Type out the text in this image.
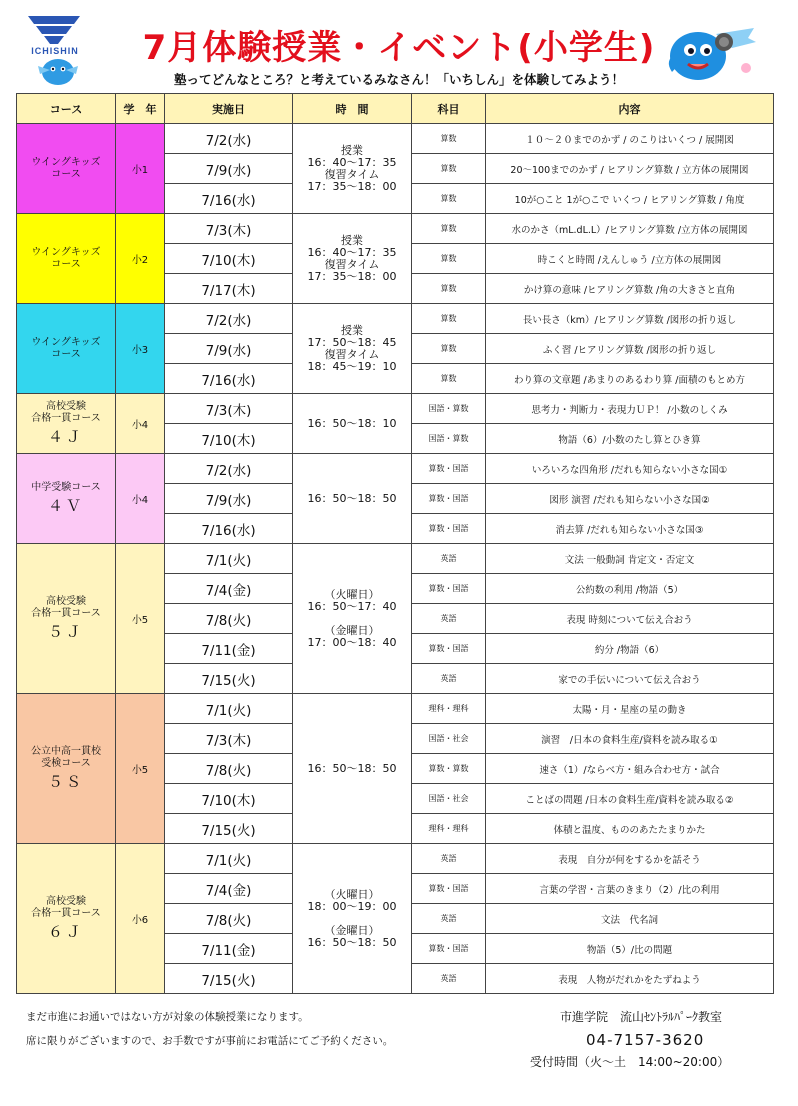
ICHISHIN	7月体験授業・イベント(小学生)
塾ってどんなところ？と考えているみなさん！「いちしん」を体験してみよう！
コース	学　年	実施日	時　間	科目	内容
ウイングキッズ
コース	小1	7/2(水)	授業
16：40～17：35
復習タイム
17：35～18：00	算数	１０～２０までのかず / のこりはいくつ / 展開図
		7/9(水)		算数	20～100までのかず / ヒアリング算数 / 立方体の展開図
		7/16(水)		算数	10が○こと 1が○こで いくつ / ヒアリング算数 / 角度
ウイングキッズ
コース	小2	7/3(木)	授業
16：40～17：35
復習タイム
17：35～18：00	算数	水のかさ（mL.dL.L）/ヒアリング算数 /立方体の展開図
		7/10(木)		算数	時こくと時間 /えんしゅう /立方体の展開図
		7/17(木)		算数	かけ算の意味 /ヒアリング算数 /角の大きさと直角
ウイングキッズ
コース	小3	7/2(水)	授業
17：50～18：45
復習タイム
18：45～19：10	算数	長い長さ（km）/ヒアリング算数 /図形の折り返し
		7/9(水)		算数	ふく習 /ヒアリング算数 /図形の折り返し
		7/16(水)		算数	わり算の文章題 /あまりのあるわり算 /面積のもとめ方
高校受験
合格一貫コース
４Ｊ	小4	7/3(木)	16：50～18：10	国語・算数	思考力・判断力・表現力ＵＰ！ /小数のしくみ
		7/10(木)		国語・算数	物語（6）/小数のたし算とひき算
中学受験コース
４Ｖ	小4	7/2(水)	16：50～18：50	算数・国語	いろいろな四角形 /だれも知らない小さな国①
		7/9(水)		算数・国語	図形 演習 /だれも知らない小さな国②
		7/16(水)		算数・国語	消去算 /だれも知らない小さな国③
高校受験
合格一貫コース
５Ｊ	小5	7/1(火)	（火曜日）
16：50～17：40

（金曜日）
17：00～18：40	英語	文法 一般動詞 肯定文・否定文
		7/4(金)		算数・国語	公約数の利用 /物語（5）
		7/8(火)		英語	表現 時刻について伝え合おう
		7/11(金)		算数・国語	約分 /物語（6）
		7/15(火)		英語	家での手伝いについて伝え合おう
公立中高一貫校
受検コース
５Ｓ	小5	7/1(火)	16：50～18：50	理科・理科	太陽・月・星座の星の動き
		7/3(木)		国語・社会	演習　/日本の食料生産/資料を読み取る①
		7/8(火)		算数・算数	速さ（1）/ならべ方・組み合わせ方・試合
		7/10(木)		国語・社会	ことばの問題 /日本の食料生産/資料を読み取る②
		7/15(火)		理科・理科	体積と温度、もののあたたまりかた
高校受験
合格一貫コース
６Ｊ	小6	7/1(火)	（火曜日）
18：00～19：00

（金曜日）
16：50～18：50	英語	表現　自分が何をするかを話そう
		7/4(金)		算数・国語	言葉の学習・言葉のきまり（2）/比の利用
		7/8(火)		英語	文法　代名詞
		7/11(金)		算数・国語	物語（5）/比の問題
		7/15(火)		英語	表現　人物がだれかをたずねよう
まだ市進にお通いではない方が対象の体験授業になります。
席に限りがございますので、お手数ですが事前にお電話にてご予約ください。
市進学院　流山ｾﾝﾄﾗﾙﾊﾟｰｸ教室
04-7157-3620
受付時間（火～土　14:00~20:00）
